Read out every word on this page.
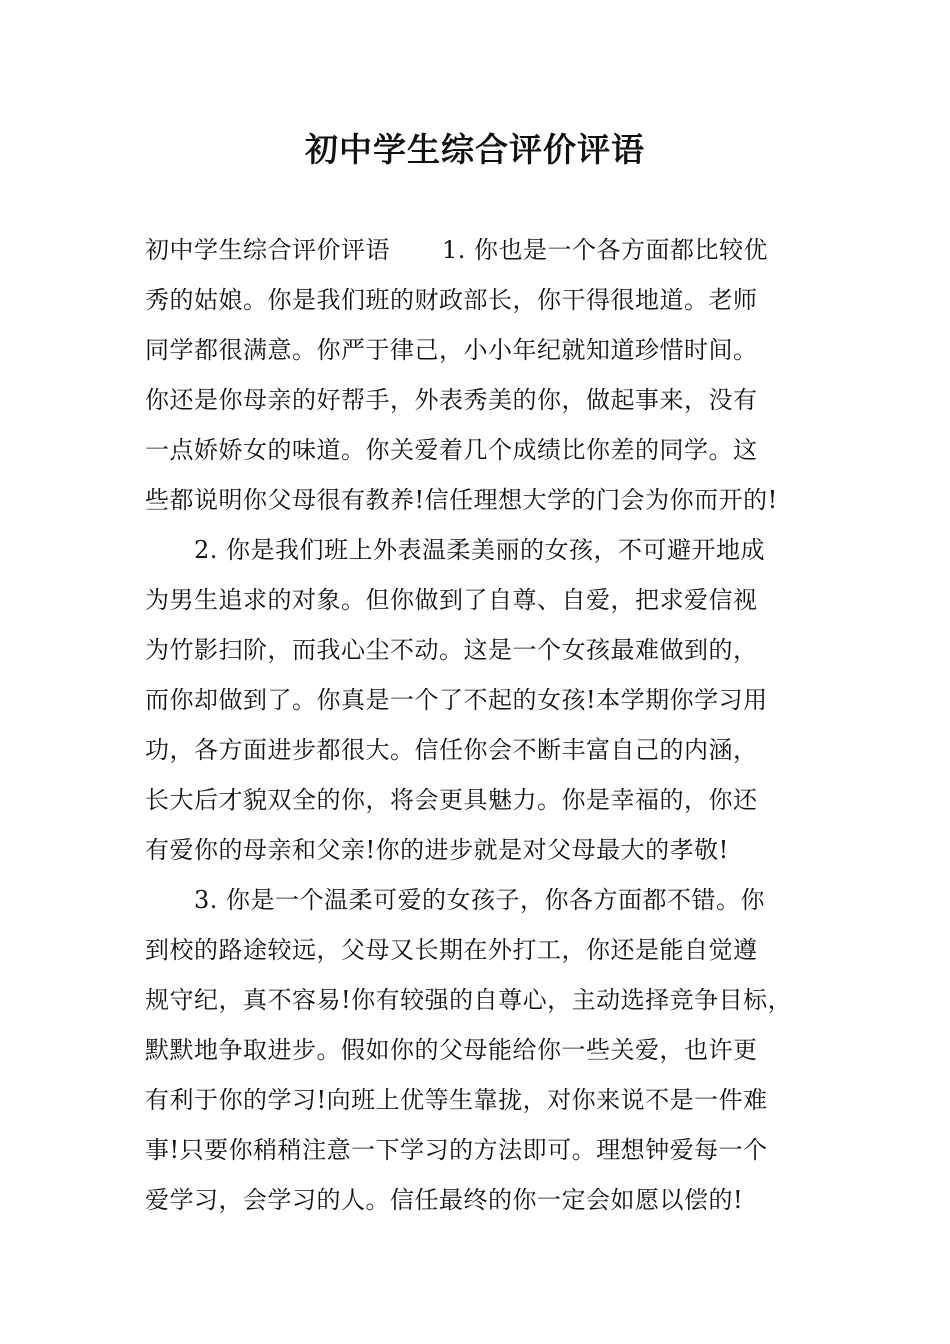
初中学生综合评价评语
初中学生综合评价评语 1. 你也是一个各方面都比较优
秀的姑娘。你是我们班的财政部长，你干得很地道。老师
同学都很满意。你严于律己，小小年纪就知道珍惜时间。
你还是你母亲的好帮手，外表秀美的你，做起事来，没有
一点娇娇女的味道。你关爱着几个成绩比你差的同学。这
些都说明你父母很有教养!信任理想大学的门会为你而开的!
2. 你是我们班上外表温柔美丽的女孩，不可避开地成
为男生追求的对象。但你做到了自尊、自爱，把求爱信视
为竹影扫阶，而我心尘不动。这是一个女孩最难做到的，
而你却做到了。你真是一个了不起的女孩!本学期你学习用
功，各方面进步都很大。信任你会不断丰富自己的内涵，
长大后才貌双全的你，将会更具魅力。你是幸福的，你还
有爱你的母亲和父亲!你的进步就是对父母最大的孝敬!
3. 你是一个温柔可爱的女孩子，你各方面都不错。你
到校的路途较远，父母又长期在外打工，你还是能自觉遵
规守纪，真不容易!你有较强的自尊心，主动选择竞争目标，
默默地争取进步。假如你的父母能给你一些关爱，也许更
有利于你的学习!向班上优等生靠拢，对你来说不是一件难
事!只要你稍稍注意一下学习的方法即可。理想钟爱每一个
爱学习，会学习的人。信任最终的你一定会如愿以偿的!
